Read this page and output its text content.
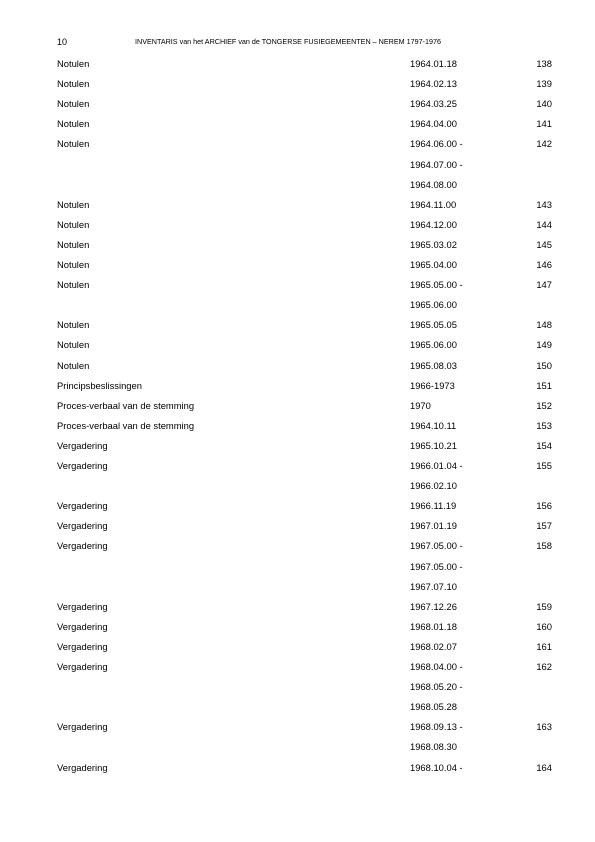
10	INVENTARIS van het ARCHIEF van de TONGERSE FUSIEGEMEENTEN – NEREM 1797-1976
Notulen	1964.01.18	138
Notulen	1964.02.13	139
Notulen	1964.03.25	140
Notulen	1964.04.00	141
Notulen	1964.06.00 -	142
1964.07.00 -
1964.08.00
Notulen	1964.11.00	143
Notulen	1964.12.00	144
Notulen	1965.03.02	145
Notulen	1965.04.00	146
Notulen	1965.05.00 -	147
1965.06.00
Notulen	1965.05.05	148
Notulen	1965.06.00	149
Notulen	1965.08.03	150
Principsbeslissingen	1966-1973	151
Proces-verbaal van de stemming	1970	152
Proces-verbaal van de stemming	1964.10.11	153
Vergadering	1965.10.21	154
Vergadering	1966.01.04 -	155
1966.02.10
Vergadering	1966.11.19	156
Vergadering	1967.01.19	157
Vergadering	1967.05.00 -	158
1967.05.00 -
1967.07.10
Vergadering	1967.12.26	159
Vergadering	1968.01.18	160
Vergadering	1968.02.07	161
Vergadering	1968.04.00 -	162
1968.05.20 -
1968.05.28
Vergadering	1968.09.13 -	163
1968.08.30
Vergadering	1968.10.04 -	164
